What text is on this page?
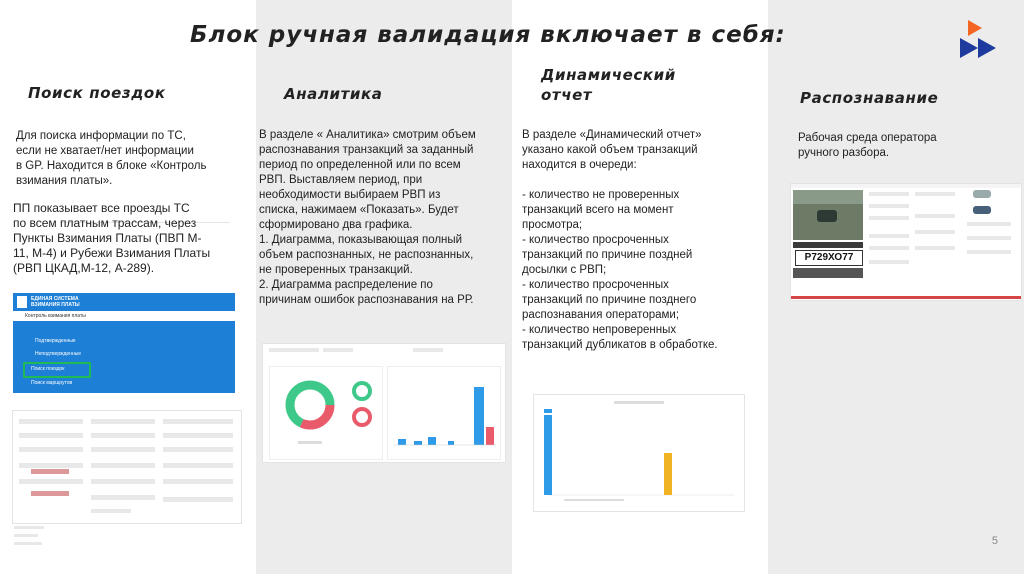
Блок ручная валидация включает в себя:
Поиск поездок
Для поиска информации по ТС,
если не хватает/нет информации
в GP. Находится в блоке «Контроль
взимания платы».
ПП показывает все проезды ТС
по всем платным трассам, через
Пункты Взимания Платы (ПВП М-
11, М-4) и Рубежи Взимания Платы
(РВП ЦКАД,М-12, А-289).
ЕДИНАЯ СИСТЕМА
ВЗИМАНИЯ ПЛАТЫ
Контроль взимания платы
Подтвержденные
Неподтвержденные
Поиск поездок
Поиск маршрутов
Аналитика
В разделе « Аналитика» смотрим объем
распознавания транзакций за заданный
период по определенной или по всем
РВП. Выставляем период, при
необходимости выбираем РВП из
списка, нажимаем «Показать». Будет
сформировано два графика.
1. Диаграмма, показывающая полный
объем распознанных, не распознанных,
не проверенных транзакций.
2. Диаграмма распределение по
причинам ошибок распознавания на РР.
Динамический
отчет
В разделе «Динамический отчет»
указано какой объем транзакций
находится в очереди:

- количество не проверенных
транзакций всего на момент
просмотра;
- количество просроченных
транзакций по причине поздней
досылки с РВП;
- количество просроченных
транзакций по причине позднего
распознавания операторами;
- количество непроверенных
транзакций дубликатов в обработке.
Распознавание
Рабочая среда оператора
ручного разбора.
Р729ХО77
5
